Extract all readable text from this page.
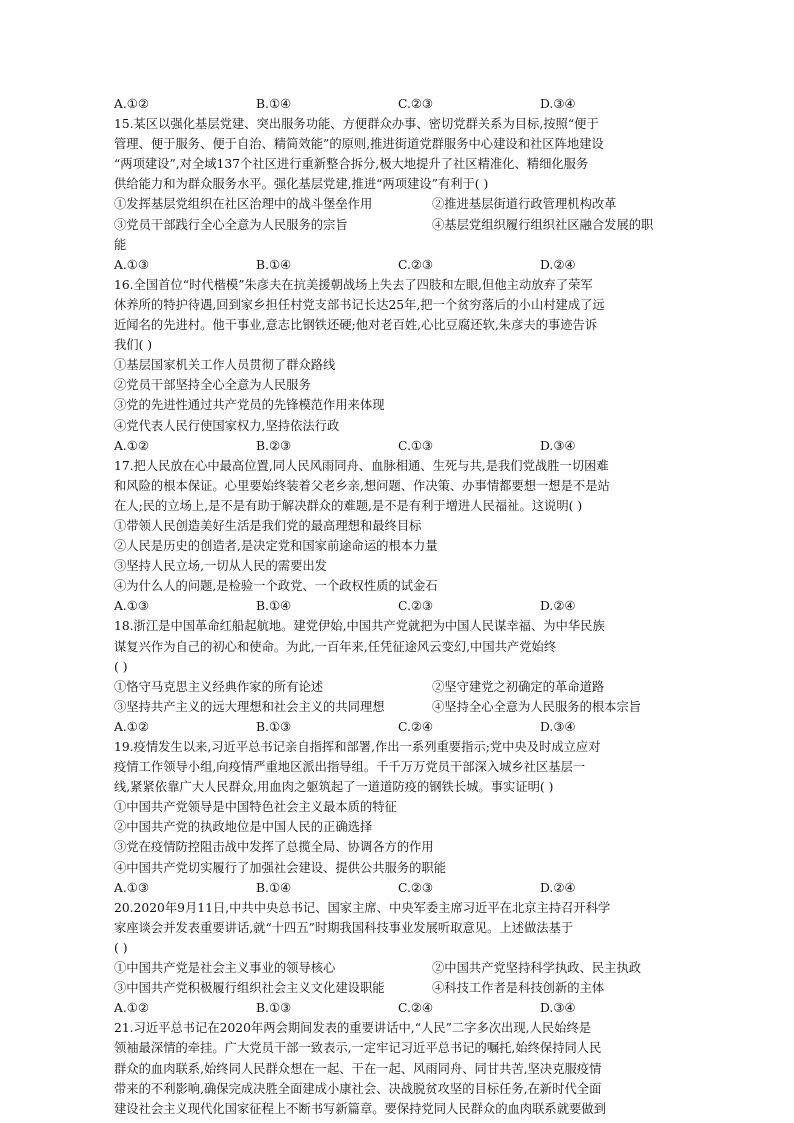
A.①②	B.①④	C.②③	D.③④
15.某区以强化基层党建、突出服务功能、方便群众办事、密切党群关系为目标,按照“便于
管理、便于服务、便于自治、精简效能”的原则,推进街道党群服务中心建设和社区阵地建设
“两项建设”,对全域137个社区进行重新整合拆分,极大地提升了社区精准化、精细化服务
供给能力和为群众服务水平。强化基层党建,推进“两项建设”有利于( )
①发挥基层党组织在社区治理中的战斗堡垒作用	②推进基层街道行政管理机构改革
③党员干部践行全心全意为人民服务的宗旨	④基层党组织履行组织社区融合发展的职
能
A.①③	B.①④	C.②③	D.②④
16.全国首位“时代楷模”朱彦夫在抗美援朝战场上失去了四肢和左眼,但他主动放弃了荣军
休养所的特护待遇,回到家乡担任村党支部书记长达25年,把一个贫穷落后的小山村建成了远
近闻名的先进村。他干事业,意志比钢铁还硬;他对老百姓,心比豆腐还软,朱彦夫的事迹告诉
我们( )
①基层国家机关工作人员贯彻了群众路线
②党员干部坚持全心全意为人民服务
③党的先进性通过共产党员的先锋模范作用来体现
④党代表人民行使国家权力,坚持依法行政
A.①②	B.②③	C.①③	D.③④
17.把人民放在心中最高位置,同人民风雨同舟、血脉相通、生死与共,是我们党战胜一切困难
和风险的根本保证。心里要始终装着父老乡亲,想问题、作决策、办事情都要想一想是不是站
在人;民的立场上,是不是有助于解决群众的难题,是不是有利于增进人民福祉。这说明( )
①带领人民创造美好生活是我们党的最高理想和最终目标
②人民是历史的创造者,是决定党和国家前途命运的根本力量
③坚持人民立场,一切从人民的需要出发
④为什么人的问题,是检验一个政党、一个政权性质的试金石
A.①③	B.①④	C.②③	D.②④
18.浙江是中国革命红船起航地。建党伊始,中国共产党就把为中国人民谋幸福、为中华民族
谋复兴作为自己的初心和使命。为此,一百年来,任凭征途风云变幻,中国共产党始终
( )
①恪守马克思主义经典作家的所有论述	②坚守建党之初确定的革命道路
③坚持共产主义的远大理想和社会主义的共同理想	④坚持全心全意为人民服务的根本宗旨
A.①②	B.①③	C.②④	D.③④
19.疫情发生以来,习近平总书记亲自指挥和部署,作出一系列重要指示;党中央及时成立应对
疫情工作领导小组,向疫情严重地区派出指导组。千千万万党员干部深入城乡社区基层一
线,紧紧依靠广大人民群众,用血肉之躯筑起了一道道防疫的钢铁长城。事实证明( )
①中国共产党领导是中国特色社会主义最本质的特征
②中国共产党的执政地位是中国人民的正确选择
③党在疫情防控阻击战中发挥了总揽全局、协调各方的作用
④中国共产党切实履行了加强社会建设、提供公共服务的职能
A.①③	B.①④	C.②③	D.②④
20.2020年9月11日,中共中央总书记、国家主席、中央军委主席习近平在北京主持召开科学
家座谈会并发表重要讲话,就“十四五”时期我国科技事业发展听取意见。上述做法基于
( )
①中国共产党是社会主义事业的领导核心	②中国共产党坚持科学执政、民主执政
③中国共产党积极履行组织社会主义文化建设职能	④科技工作者是科技创新的主体
A.①②	B.①③	C.②④	D.③④
21.习近平总书记在2020年两会期间发表的重要讲话中,“人民”二字多次出现,人民始终是
领袖最深情的牵挂。广大党员干部一致表示,一定牢记习近平总书记的嘱托,始终保持同人民
群众的血肉联系,始终同人民群众想在一起、干在一起、风雨同舟、同甘共苦,坚决克服疫情
带来的不利影响,确保完成决胜全面建成小康社会、决战脱贫攻坚的目标任务,在新时代全面
建设社会主义现代化国家征程上不断书写新篇章。要保持党同人民群众的血肉联系就要做到
